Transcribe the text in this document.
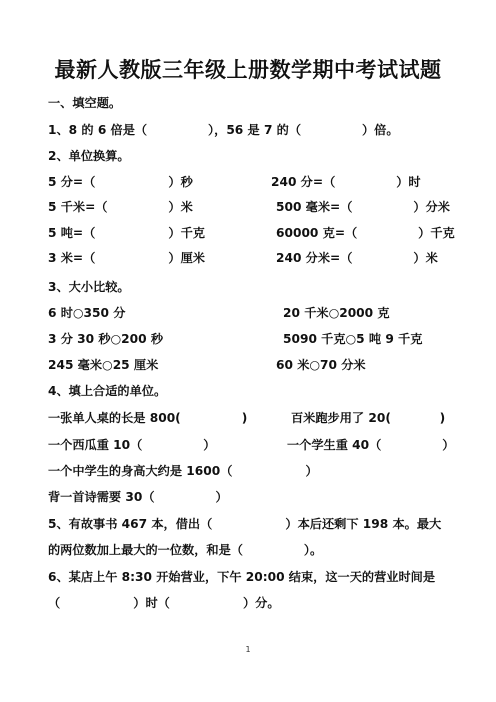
最新人教版三年级上册数学期中考试试题
一、填空题。
1、8 的 6 倍是（　　　　　），56 是 7 的（　　　　　）倍。
2、单位换算。
5 分=（　　　　　　）秒	240 分=（　　　　　）时
5 千米=（　　　　　）米	500 毫米=（　　　　　）分米
5 吨=（　　　　　　）千克	60000 克=（　　　　　）千克
3 米=（　　　　　　）厘米	240 分米=（　　　　　）米
3、大小比较。
6 时○350 分	20 千米○2000 克
3 分 30 秒○200 秒	5090 千克○5 吨 9 千克
245 毫米○25 厘米	60 米○70 分米
4、填上合适的单位。
一张单人桌的长是 800(　　　　　)	百米跑步用了 20(　　　　)
一个西瓜重 10（　　　　　）	一个学生重 40（　　　　　）
一个中学生的身高大约是 1600（　　　　　　）
背一首诗需要 30（　　　　　）
5、有故事书 467 本，借出（　　　　　　）本后还剩下 198 本。最大
的两位数加上最大的一位数，和是（　　　　　）。
6、某店上午 8:30 开始营业，下午 20:00 结束，这一天的营业时间是
（　　　　　　）时（　　　　　　）分。
1
